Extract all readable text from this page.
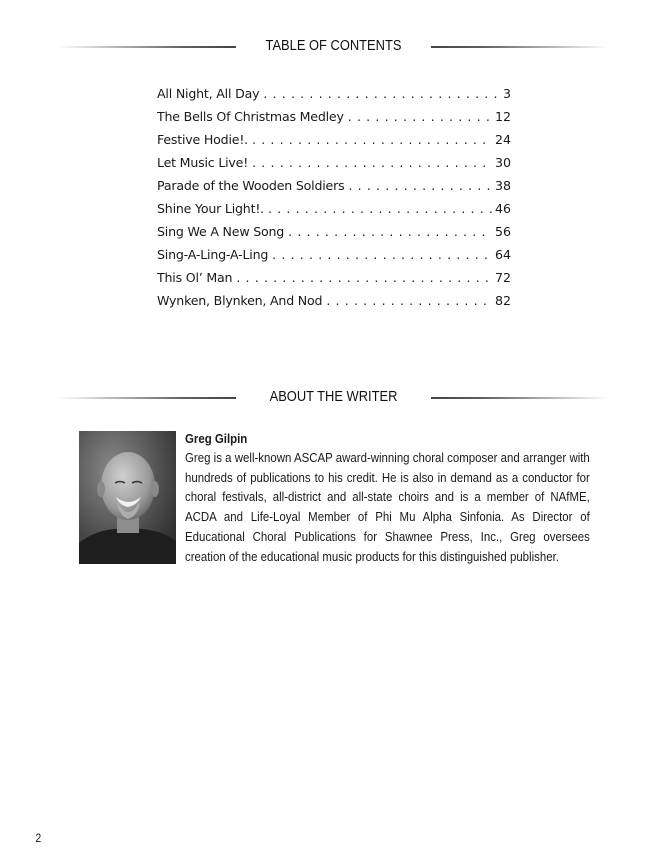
TABLE OF CONTENTS
All Night, All Day . . .	3
The Bells Of Christmas Medley . . .	12
Festive Hodie!. . . .	24
Let Music Live! . . .	30
Parade of the Wooden Soldiers . . .	38
Shine Your Light!. . . .	46
Sing We A New Song . . .	56
Sing-A-Ling-A-Ling . . .	64
This Ol’ Man . . .	72
Wynken, Blynken, And Nod . . .	82
ABOUT THE WRITER

Greg Gilpin

Greg is a well-known ASCAP award-winning choral composer and arranger with hundreds of publications to his credit. He is also in demand as a conductor for choral festivals, all-district and all-state choirs and is a member of NAfME, ACDA and Life-Loyal Member of Phi Mu Alpha Sinfonia. As Director of Educational Choral Publications for Shawnee Press, Inc., Greg oversees creation of the educational music products for this distinguished publisher.

2
